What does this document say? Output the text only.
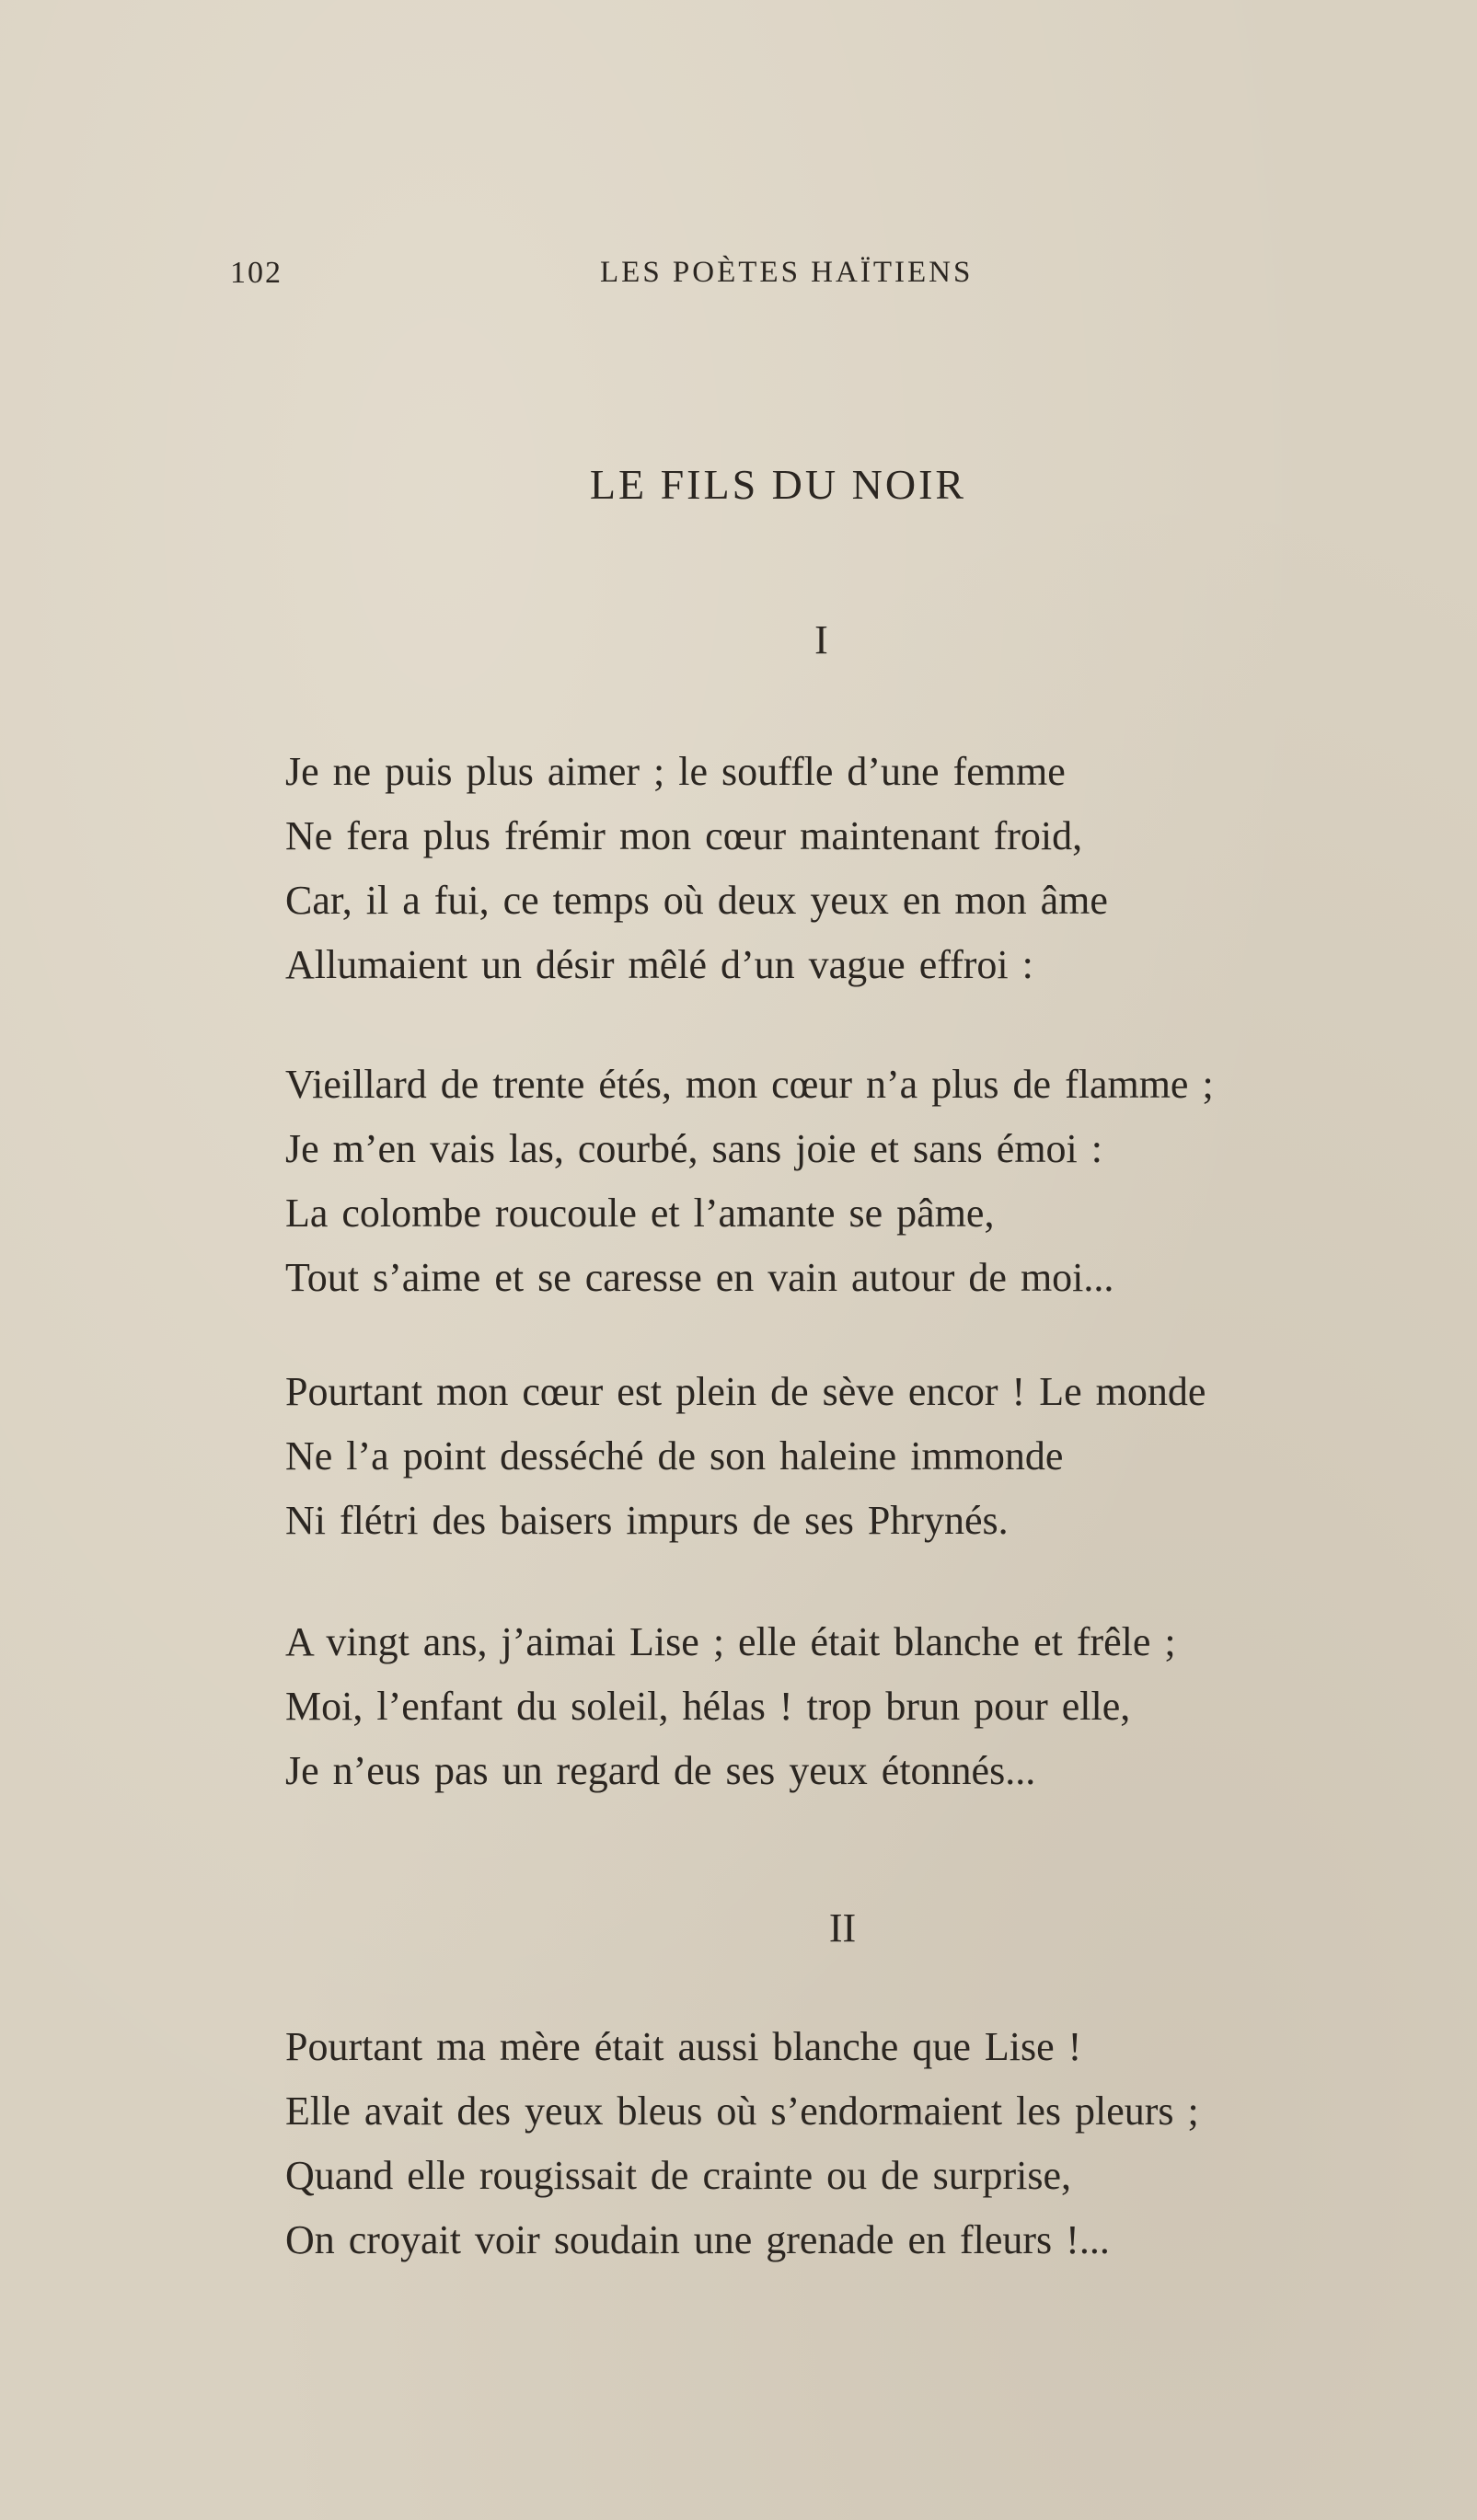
102	LES POÈTES HAÏTIENS
LE FILS DU NOIR
I
Je ne puis plus aimer ; le souffle d’une femme
Ne fera plus frémir mon cœur maintenant froid,
Car, il a fui, ce temps où deux yeux en mon âme
Allumaient un désir mêlé d’un vague effroi :
Vieillard de trente étés, mon cœur n’a plus de flamme ;
Je m’en vais las, courbé, sans joie et sans émoi :
La colombe roucoule et l’amante se pâme,
Tout s’aime et se caresse en vain autour de moi...
Pourtant mon cœur est plein de sève encor ! Le monde
Ne l’a point desséché de son haleine immonde
Ni flétri des baisers impurs de ses Phrynés.
A vingt ans, j’aimai Lise ; elle était blanche et frêle ;
Moi, l’enfant du soleil, hélas ! trop brun pour elle,
Je n’eus pas un regard de ses yeux étonnés...
II
Pourtant ma mère était aussi blanche que Lise !
Elle avait des yeux bleus où s’endormaient les pleurs ;
Quand elle rougissait de crainte ou de surprise,
On croyait voir soudain une grenade en fleurs !...
